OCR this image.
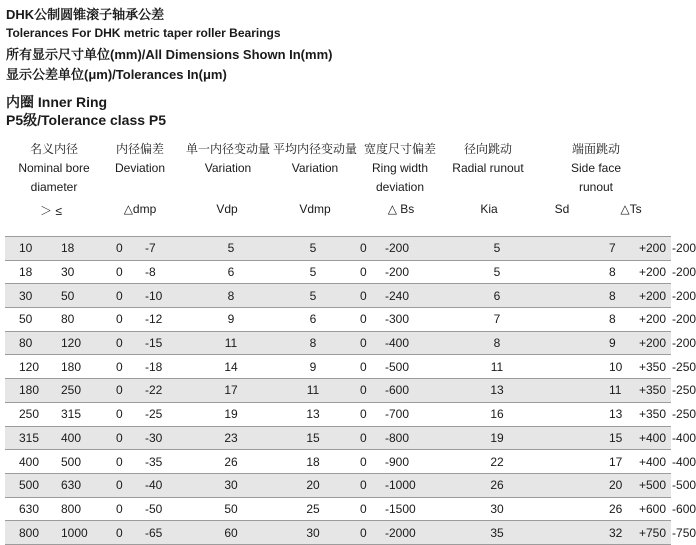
DHK公制圆锥滚子轴承公差
Tolerances For DHK metric taper roller Bearings
所有显示尺寸单位(mm)/All Dimensions Shown In(mm)
显示公差单位(μm)/Tolerances In(μm)
内圈 Inner Ring
P5级/Tolerance class P5
名义内径
Nominal bore
diameter
内径偏差
Deviation
单一内径变动量
Variation
平均内径变动量
Variation
宽度尺寸偏差
Ring width
deviation
径向跳动
Radial runout
端面跳动
Side face
runout
＞ ≤	△dmp	Vdp	Vdmp	△ Bs	Kia	Sd	△Ts
10	18	0	-7	5	5	0	-200	5	7	+200 -200
18	30	0	-8	6	5	0	-200	5	8	+200 -200
30	50	0	-10	8	5	0	-240	6	8	+200 -200
50	80	0	-12	9	6	0	-300	7	8	+200 -200
80	120	0	-15	11	8	0	-400	8	9	+200 -200
120	180	0	-18	14	9	0	-500	11	10	+350 -250
180	250	0	-22	17	11	0	-600	13	11	+350 -250
250	315	0	-25	19	13	0	-700	16	13	+350 -250
315	400	0	-30	23	15	0	-800	19	15	+400 -400
400	500	0	-35	26	18	0	-900	22	17	+400 -400
500	630	0	-40	30	20	0	-1000	26	20	+500 -500
630	800	0	-50	50	25	0	-1500	30	26	+600 -600
800	1000	0	-65	60	30	0	-2000	35	32	+750 -750
